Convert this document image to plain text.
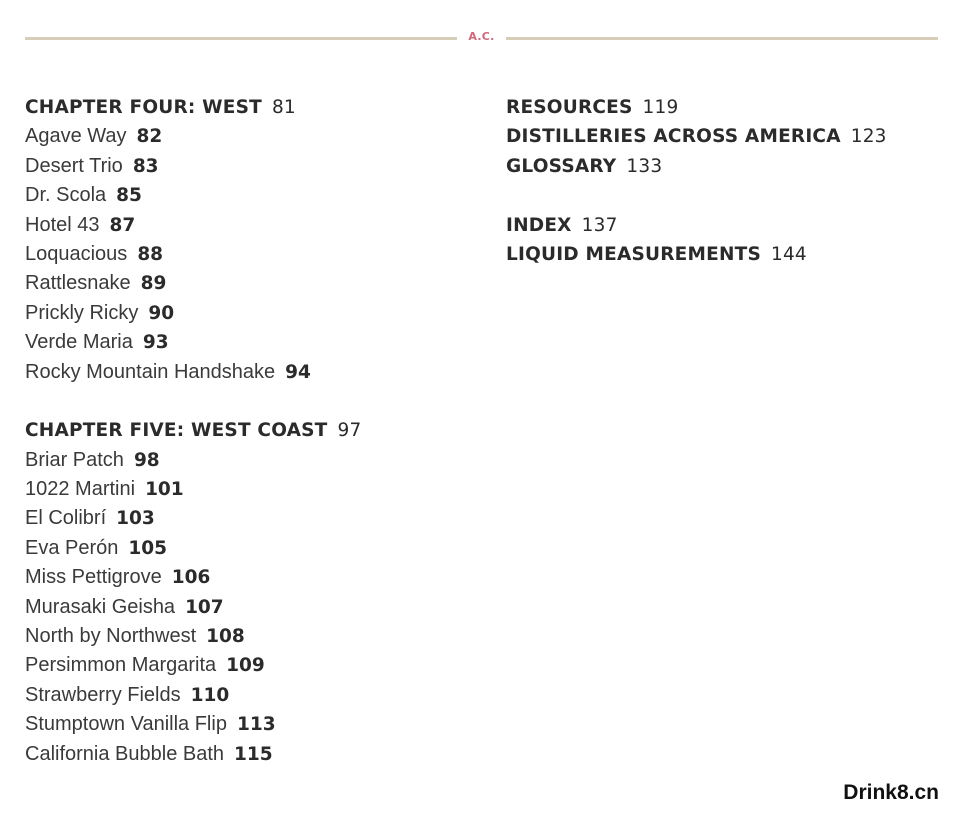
A.C.
CHAPTER FOUR: WEST 81
Agave Way 82
Desert Trio 83
Dr. Scola 85
Hotel 43 87
Loquacious 88
Rattlesnake 89
Prickly Ricky 90
Verde Maria 93
Rocky Mountain Handshake 94
CHAPTER FIVE: WEST COAST 97
Briar Patch 98
1022 Martini 101
El Colibrí 103
Eva Perón 105
Miss Pettigrove 106
Murasaki Geisha 107
North by Northwest 108
Persimmon Margarita 109
Strawberry Fields 110
Stumptown Vanilla Flip 113
California Bubble Bath 115
RESOURCES 119
DISTILLERIES ACROSS AMERICA 123
GLOSSARY 133
INDEX 137
LIQUID MEASUREMENTS 144
Drink8.cn
